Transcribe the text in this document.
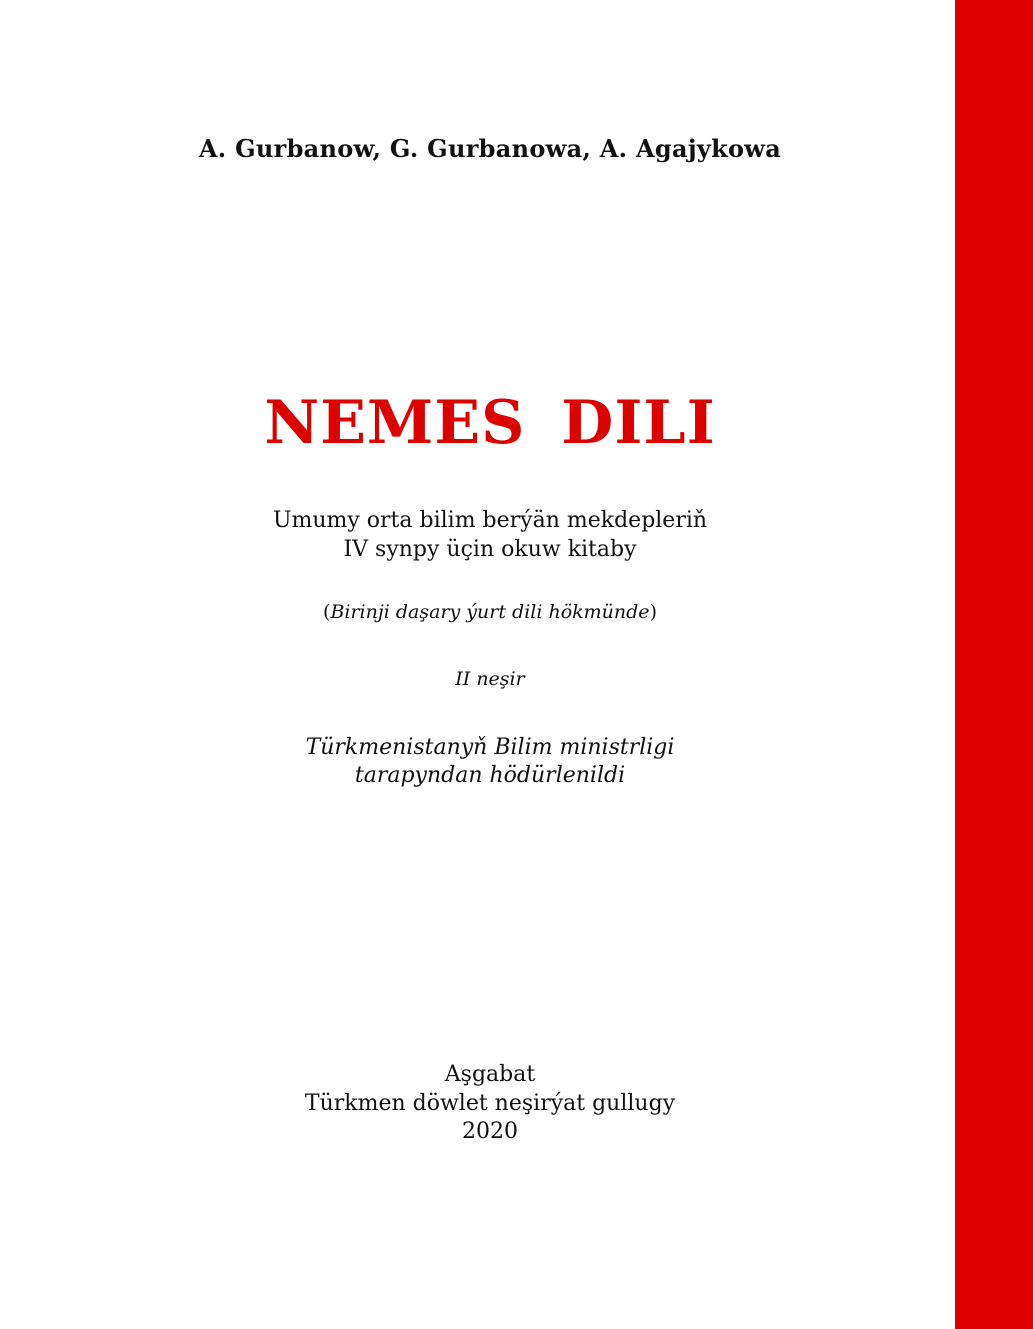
A. Gurbanow, G. Gurbanowa, A. Agajykowa
NEMES DILI
Umumy orta bilim berýän mekdepleriň
IV synpy üçin okuw kitaby
(Birinji daşary ýurt dili hökmünde)
II neşir
Türkmenistanyň Bilim ministrligi
tarapyndan hödürlenildi
Aşgabat
Türkmen döwlet neşirýat gullugy
2020
